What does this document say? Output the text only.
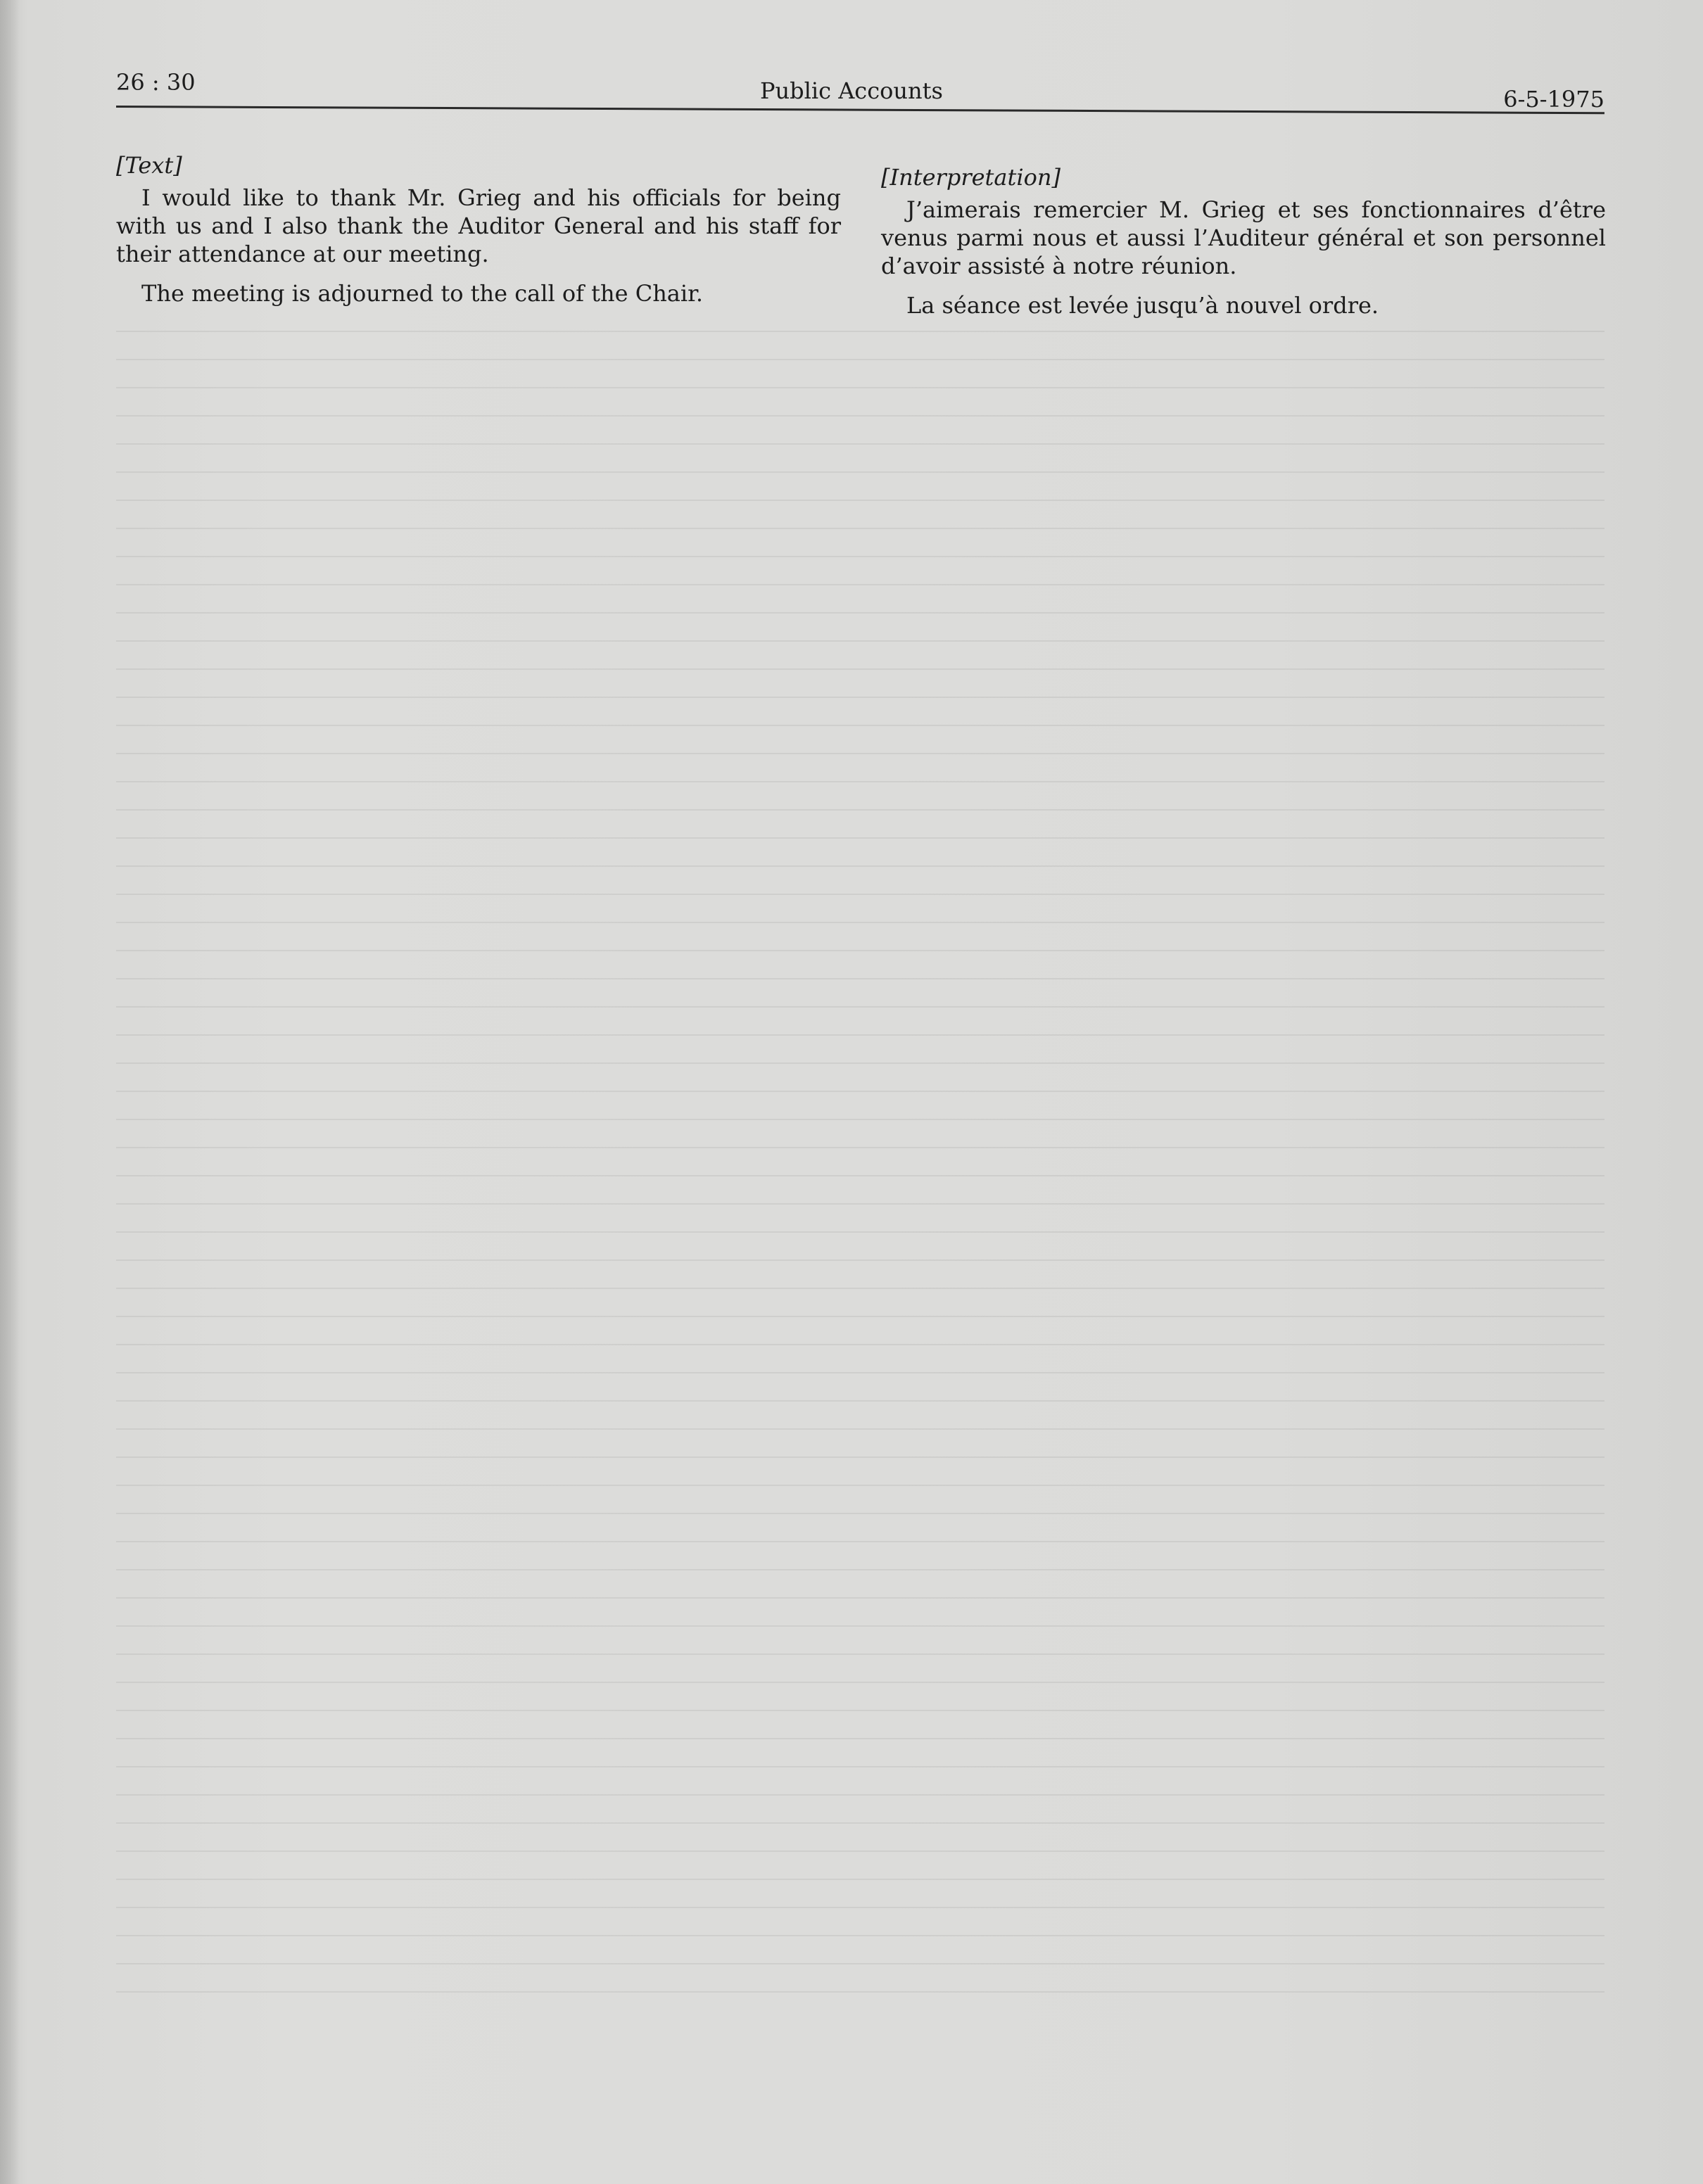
26 : 30	Public Accounts	6-5-1975

[Text]

I would like to thank Mr. Grieg and his officials for being with us and I also thank the Auditor General and his staff for their attendance at our meeting.

The meeting is adjourned to the call of the Chair.

[Interpretation]

J’aimerais remercier M. Grieg et ses fonctionnaires d’être venus parmi nous et aussi l’Auditeur général et son personnel d’avoir assisté à notre réunion.

La séance est levée jusqu’à nouvel ordre.
